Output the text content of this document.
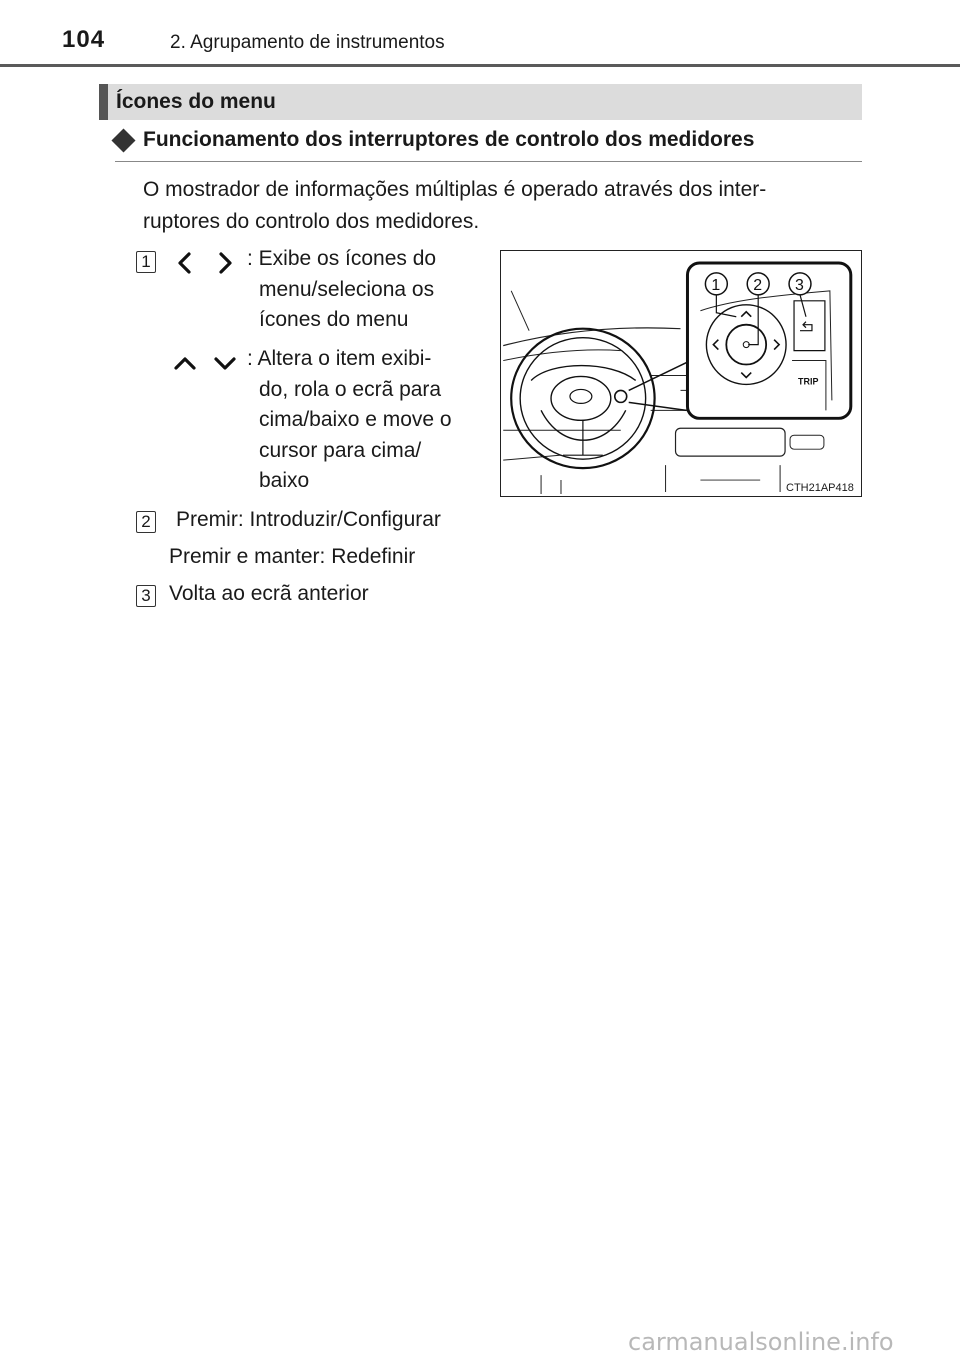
104	2. Agrupamento de instrumentos
Ícones do menu
Funcionamento dos interruptores de controlo dos medidores
O mostrador de informações múltiplas é operado através dos inter-
ruptores do controlo dos medidores.
1	: Exibe os ícones do
menu/seleciona os
ícones do menu
: Altera o item exibi-
do, rola o ecrã para
cima/baixo e move o
cursor para cima/
baixo
2 Premir: Introduzir/Configurar
Premir e manter: Redefinir
3 Volta ao ecrã anterior
TRIP
1 2 3
CTH21AP418
carmanualsonline.info
